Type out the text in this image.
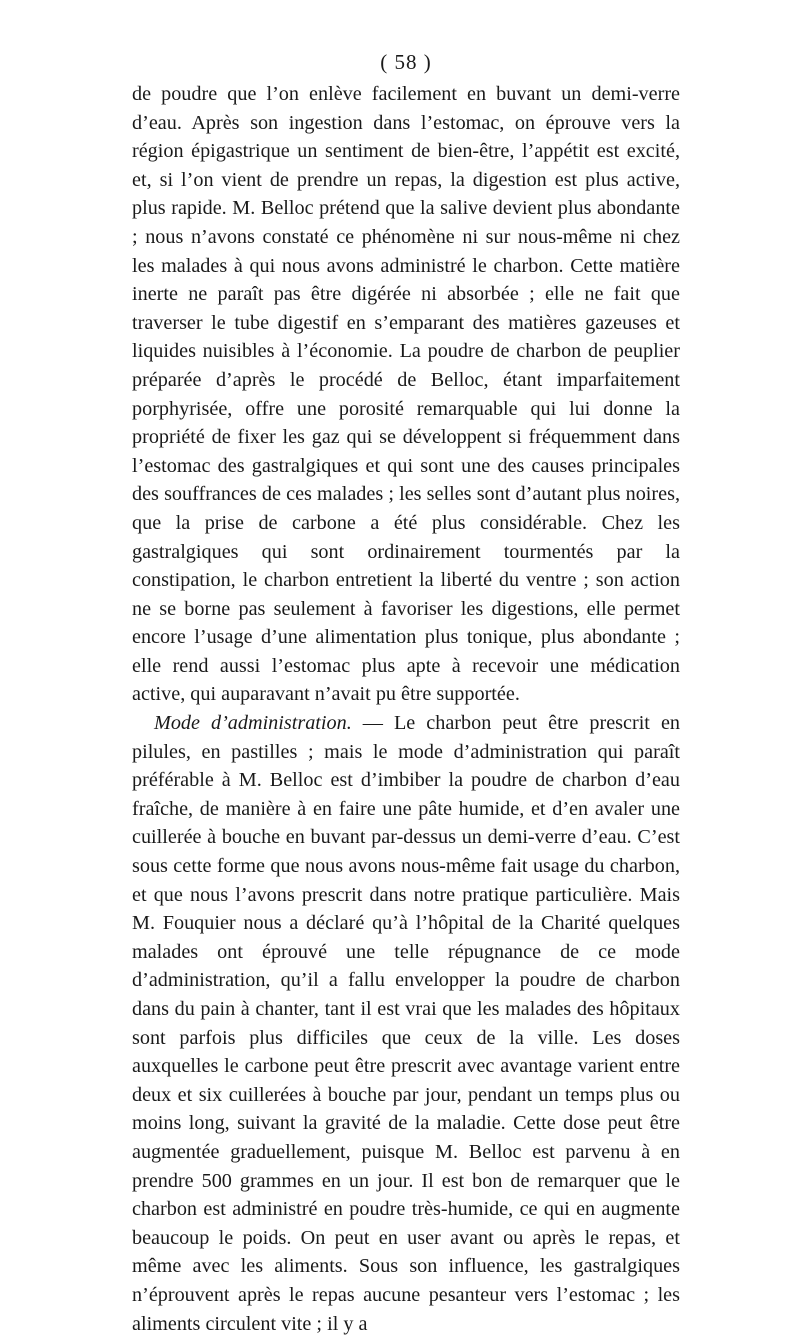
( 58 )

de poudre que l’on enlève facilement en buvant un demi-verre d’eau. Après son ingestion dans l’estomac, on éprouve vers la région épigastrique un sentiment de bien-être, l’appétit est excité, et, si l’on vient de prendre un repas, la digestion est plus active, plus rapide. M. Belloc prétend que la salive devient plus abondante ; nous n’avons constaté ce phénomène ni sur nous-même ni chez les malades à qui nous avons administré le charbon. Cette matière inerte ne paraît pas être digérée ni absorbée ; elle ne fait que traverser le tube digestif en s’emparant des matières gazeuses et liquides nuisibles à l’économie. La poudre de charbon de peuplier préparée d’après le procédé de Belloc, étant imparfaitement porphyrisée, offre une porosité remarquable qui lui donne la propriété de fixer les gaz qui se développent si fréquemment dans l’estomac des gastralgiques et qui sont une des causes principales des souffrances de ces malades ; les selles sont d’autant plus noires, que la prise de carbone a été plus considérable. Chez les gastralgiques qui sont ordinairement tourmentés par la constipation, le charbon entretient la liberté du ventre ; son action ne se borne pas seulement à favoriser les digestions, elle permet encore l’usage d’une alimentation plus tonique, plus abondante ; elle rend aussi l’estomac plus apte à recevoir une médication active, qui auparavant n’avait pu être supportée.

Mode d’administration. — Le charbon peut être prescrit en pilules, en pastilles ; mais le mode d’administration qui paraît préférable à M. Belloc est d’imbiber la poudre de charbon d’eau fraîche, de manière à en faire une pâte humide, et d’en avaler une cuillerée à bouche en buvant par-dessus un demi-verre d’eau. C’est sous cette forme que nous avons nous-même fait usage du charbon, et que nous l’avons prescrit dans notre pratique particulière. Mais M. Fouquier nous a déclaré qu’à l’hôpital de la Charité quelques malades ont éprouvé une telle répugnance de ce mode d’administration, qu’il a fallu envelopper la poudre de charbon dans du pain à chanter, tant il est vrai que les malades des hôpitaux sont parfois plus difficiles que ceux de la ville. Les doses auxquelles le carbone peut être prescrit avec avantage varient entre deux et six cuillerées à bouche par jour, pendant un temps plus ou moins long, suivant la gravité de la maladie. Cette dose peut être augmentée graduellement, puisque M. Belloc est parvenu à en prendre 500 grammes en un jour. Il est bon de remarquer que le charbon est administré en poudre très-humide, ce qui en augmente beaucoup le poids. On peut en user avant ou après le repas, et même avec les aliments. Sous son influence, les gastralgiques n’éprouvent après le repas aucune pesanteur vers l’estomac ; les aliments circulent vite ; il y a
